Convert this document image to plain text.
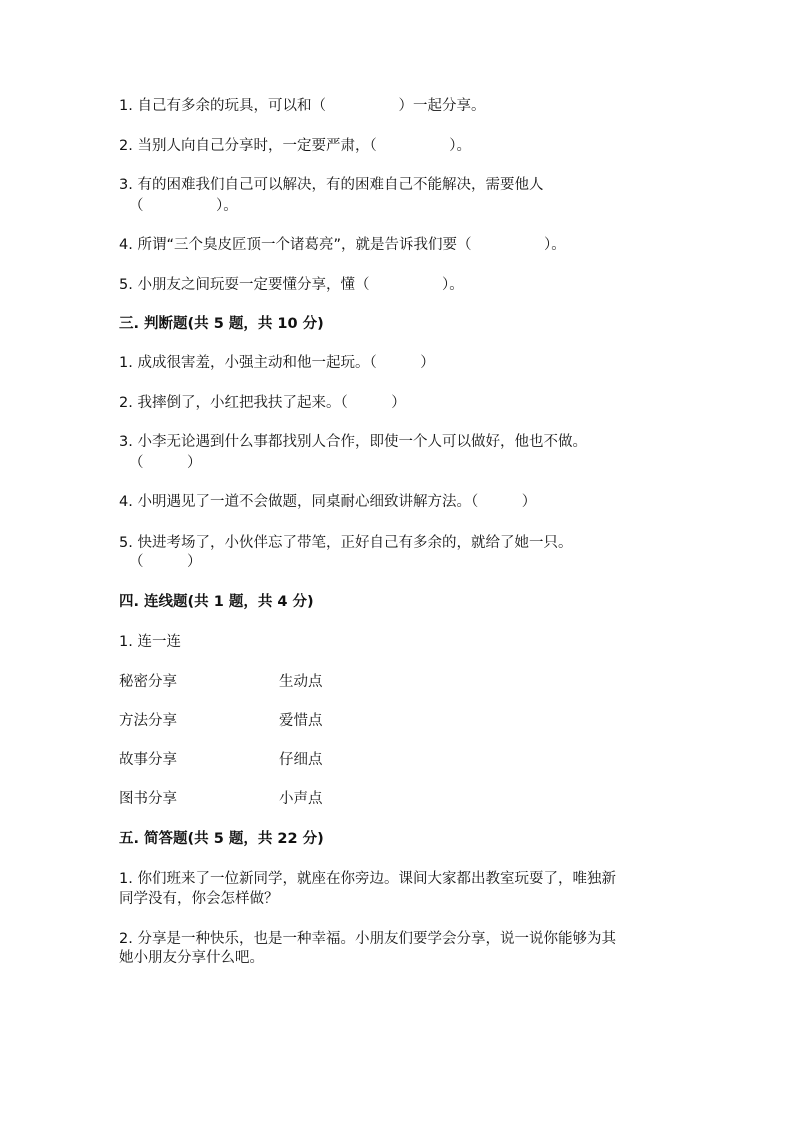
1. 自己有多余的玩具，可以和（　　　　　）一起分享。
2. 当别人向自己分享时，一定要严肃，（　　　　　）。
3. 有的困难我们自己可以解决，有的困难自己不能解决，需要他人
（　　　　　）。
4. 所谓“三个臭皮匠顶一个诸葛亮”，就是告诉我们要（　　　　　）。
5. 小朋友之间玩耍一定要懂分享，懂（　　　　　）。
三. 判断题(共 5 题，共 10 分)
1. 成成很害羞，小强主动和他一起玩。（　　　）
2. 我摔倒了，小红把我扶了起来。（　　　）
3. 小李无论遇到什么事都找别人合作，即使一个人可以做好，他也不做。
（　　　）
4. 小明遇见了一道不会做题，同桌耐心细致讲解方法。（　　　）
5. 快进考场了，小伙伴忘了带笔，正好自己有多余的，就给了她一只。
（　　　）
四. 连线题(共 1 题，共 4 分)
1. 连一连
秘密分享	生动点
方法分享	爱惜点
故事分享	仔细点
图书分享	小声点
五. 简答题(共 5 题，共 22 分)
1. 你们班来了一位新同学，就座在你旁边。课间大家都出教室玩耍了，唯独新
同学没有，你会怎样做？
2. 分享是一种快乐，也是一种幸福。小朋友们要学会分享，说一说你能够为其
她小朋友分享什么吧。
